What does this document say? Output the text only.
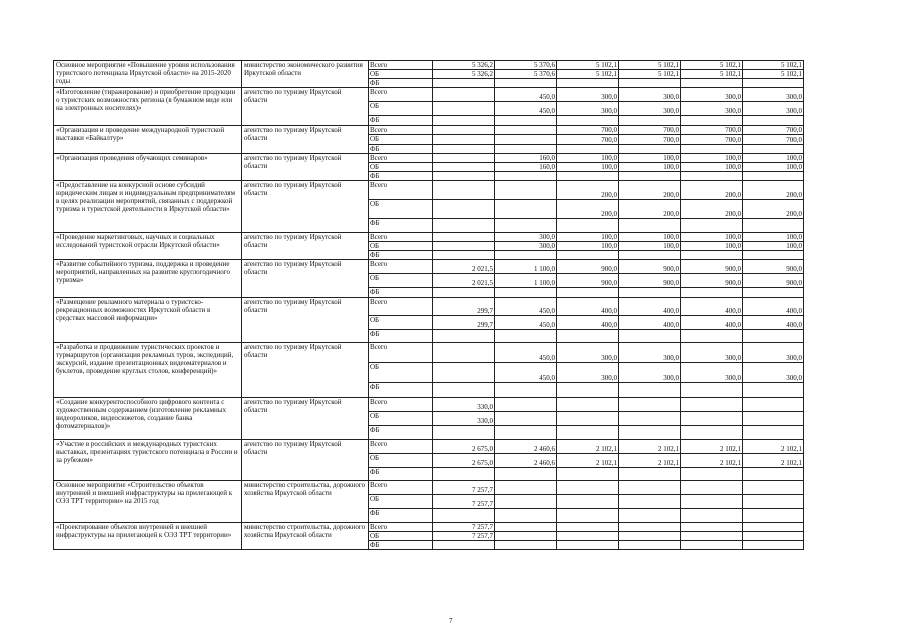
Основное мероприятие «Повышение уровня использования туристского потенциала Иркутской области» на 2015-2020 годы	министерство экономического развития Иркутской области	Всего	5 326,2	5 370,6	5 102,1	5 102,1	5 102,1	5 102,1
		ОБ	5 326,2	5 370,6	5 102,1	5 102,1	5 102,1	5 102,1
		ФБ						
«Изготовление (тиражирование) и приобретение продукции о туристских возможностях региона (в бумажном виде или на электронных носителях)»	агентство по туризму Иркутской области	Всего		450,0	300,0	300,0	300,0	300,0
		ОБ		450,0	300,0	300,0	300,0	300,0
		ФБ						
«Организация и проведение международной туристской выставки «Байкалтур»	агентство по туризму Иркутской области	Всего			700,0	700,0	700,0	700,0
		ОБ			700,0	700,0	700,0	700,0
		ФБ						
«Организация проведения обучающих семинаров»	агентство по туризму Иркутской области	Всего		160,0	100,0	100,0	100,0	100,0
		ОБ		160,0	100,0	100,0	100,0	100,0
		ФБ						
«Предоставление на конкурсной основе субсидий юридическим лицам и индивидуальным предпринимателям в целях реализации мероприятий, связанных с поддержкой туризма и туристской деятельности в Иркутской области»	агентство по туризму Иркутской области	Всего			200,0	200,0	200,0	200,0
		ОБ			200,0	200,0	200,0	200,0
		ФБ						
«Проведение маркетинговых, научных и социальных исследований туристской отрасли Иркутской области»	агентство по туризму Иркутской области	Всего		300,0	100,0	100,0	100,0	100,0
		ОБ		300,0	100,0	100,0	100,0	100,0
		ФБ						
«Развитие событийного туризма, поддержка и проведение мероприятий, направленных на развитие круглогодичного туризма»	агентство по туризму Иркутской области	Всего	2 021,5	1 100,0	900,0	900,0	900,0	900,0
		ОБ	2 021,5	1 100,0	900,0	900,0	900,0	900,0
		ФБ						
«Размещение рекламного материала о туристско-рекреационных возможностях Иркутской области в средствах массовой информации»	агентство по туризму Иркутской области	Всего	299,7	450,0	400,0	400,0	400,0	400,0
		ОБ	299,7	450,0	400,0	400,0	400,0	400,0
		ФБ						
«Разработка и продвижение туристических проектов и турмаршрутов (организация рекламных туров, экспедиций, экскурсий, издание презентационных видеоматериалов и буклетов, проведение круглых столов, конференций)»	агентство по туризму Иркутской области	Всего		450,0	300,0	300,0	300,0	300,0
		ОБ		450,0	300,0	300,0	300,0	300,0
		ФБ						
«Создание конкурентоспособного цифрового контента с художественным содержанием (изготовление рекламных видеороликов, видеосюжетов, создание банка фотоматериалов)»	агентство по туризму Иркутской области	Всего	330,0					
		ОБ	330,0					
		ФБ						
«Участие в российских и международных туристских выставках, презентациях туристского потенциала в России и за рубежом»	агентство по туризму Иркутской области	Всего	2 675,0	2 460,6	2 102,1	2 102,1	2 102,1	2 102,1
		ОБ	2 675,0	2 460,6	2 102,1	2 102,1	2 102,1	2 102,1
		ФБ						
Основное мероприятие «Строительство объектов внутренней и внешней инфраструктуры на прилегающей к ОЭЗ ТРТ территории» на 2015 год	министерство строительства, дорожного хозяйства Иркутской области	Всего	7 257,7					
		ОБ	7 257,7					
		ФБ						
«Проектирование объектов внутренней и внешней инфраструктуры на прилегающей к ОЭЗ ТРТ территории»	министерство строительства, дорожного хозяйства Иркутской области	Всего	7 257,7					
		ОБ	7 257,7					
		ФБ						
7
